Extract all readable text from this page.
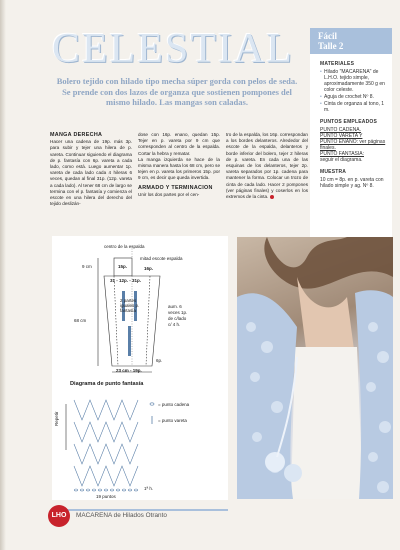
CELESTIAL
Bolero tejido con hilado tipo mecha súper gorda con pelos de seda. Se prende con dos lazos de organza que sostienen pompones del mismo hilado. Las mangas son caladas.
Fácil
Talle 2
MATERIALES
• Hilado "MACARENA" de L.H.O. tejido simple, aproximadamente 350 g en color celeste.
• Aguja de crochet Nº 8.
• Cinta de organza al tono, 1 m.
PUNTOS EMPLEADOS
PUNTO CADENA.
PUNTO VARETA Y
PUNTO ENANO: ver páginas finales.
PUNTO FANTASIA:
seguir el diagrama.
MUESTRA
10 cm = 8p. en p. vareta con hilado simple y ag. Nº 8.
MANGA DERECHA
Hacer una cadena de 19p. más 3p. para subir y tejer una hilera de p. vareta. Continuar siguiendo el diagrama de p. fantasía con 6p. vareta a cada lado, como está. Luego aumentar 1p. vareta de cada lado cada 4 hileras 6 veces, quedan al final 31p. (12p. vareta a cada lado). Al tener 68 cm de largo se termina con el p. fantasía y comienza el escote en una hilera del derecho del tejido deslizán-
dose con 16p. enano, quedan 15p. Tejer en p. vareta por 9 cm que corresponden al centro de la espalda. Cortar la hebra y rematar.
La manga izquierda se hace de la misma manera hasta los 68 cm, pero se tejen en p. vareta los primeros 15p. por 9 cm, es decir que queda invertida.
ARMADO Y TERMINACION
Unir los dos partes por el cen-
tro de la espalda, los 16p. correspondan a los bordes delanteros. Alrededor del escote de la espalda, delanteros y borde inferior del bolero, tejer 2 hileras de p. vareta. En cada una de las esquinas de los delanteros, tejer 2p. vareta separados por 1p. cadena para mantener la forma. Colocar un trozo de cinta de cada lado. Hacer 2 pompones (ver páginas finales) y coserlos en los extremos de la cinta.
centro de la espalda
9 cm	15p.
mitad escote espalda
16p.
31 - 12p. - 31p.
2 partes iguales p. fantasía
68 cm
aum. 6 veces 1p. de c/lado c/ 4 h.
6p.
23 cm - 19p.
Diagrama de punto fantasía
= punto cadena
= punto vareta
Repetir
1ª h.
19 puntos
LHO	MACARENA de Hilados Otranto
